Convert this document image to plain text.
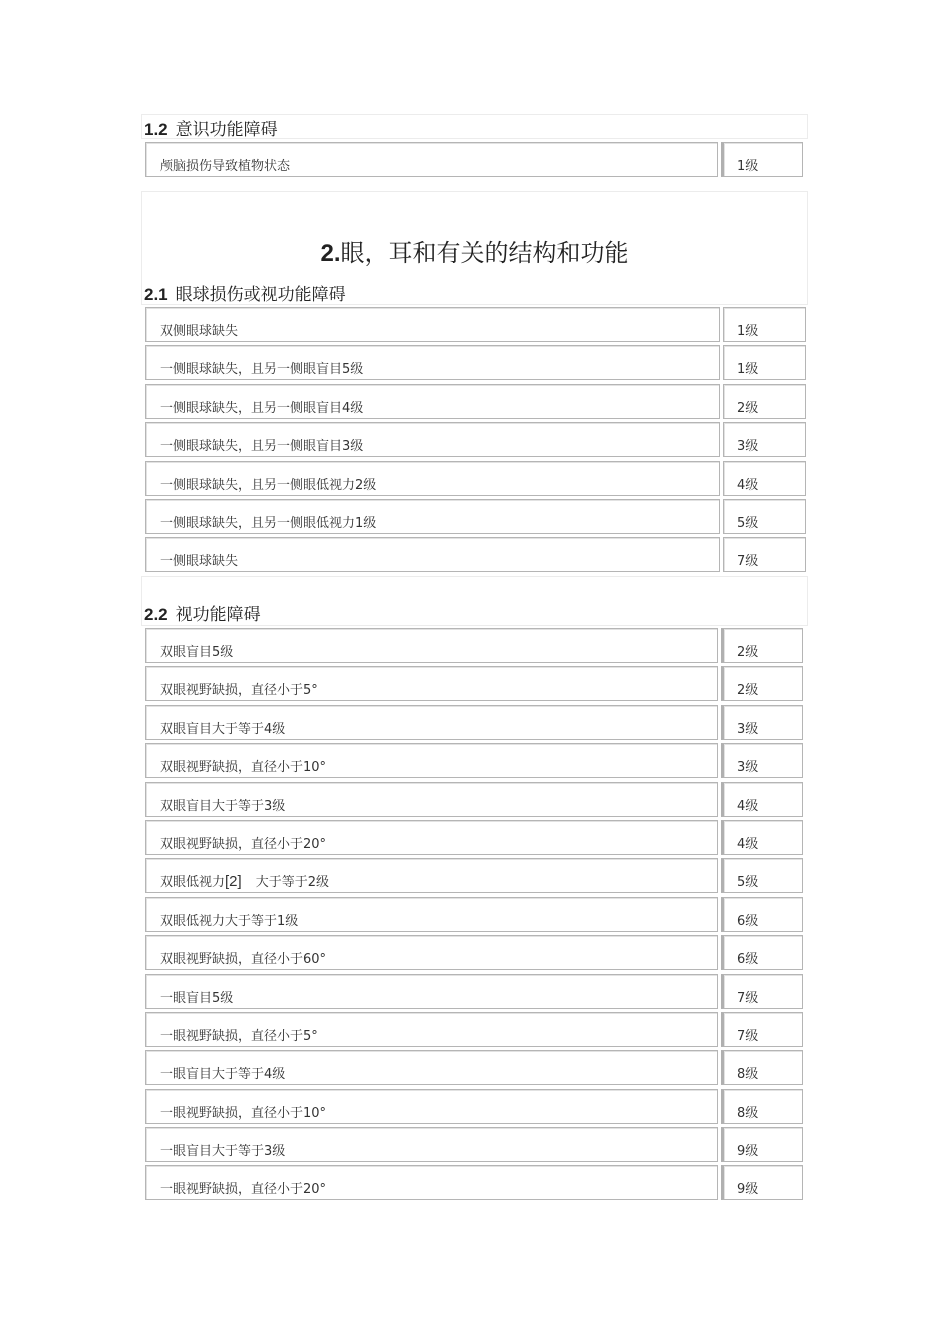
1.2 意识功能障碍
颅脑损伤导致植物状态	1级
2.眼，耳和有关的结构和功能
2.1 眼球损伤或视功能障碍
双侧眼球缺失	1级
一侧眼球缺失，且另一侧眼盲目5级	1级
一侧眼球缺失，且另一侧眼盲目4级	2级
一侧眼球缺失，且另一侧眼盲目3级	3级
一侧眼球缺失，且另一侧眼低视力2级	4级
一侧眼球缺失，且另一侧眼低视力1级	5级
一侧眼球缺失	7级
2.2 视功能障碍
双眼盲目5级	2级
双眼视野缺损，直径小于5°	2级
双眼盲目大于等于4级	3级
双眼视野缺损，直径小于10°	3级
双眼盲目大于等于3级	4级
双眼视野缺损，直径小于20°	4级
双眼低视力[2] 大于等于2级	5级
双眼低视力大于等于1级	6级
双眼视野缺损，直径小于60°	6级
一眼盲目5级	7级
一眼视野缺损，直径小于5°	7级
一眼盲目大于等于4级	8级
一眼视野缺损，直径小于10°	8级
一眼盲目大于等于3级	9级
一眼视野缺损，直径小于20°	9级
